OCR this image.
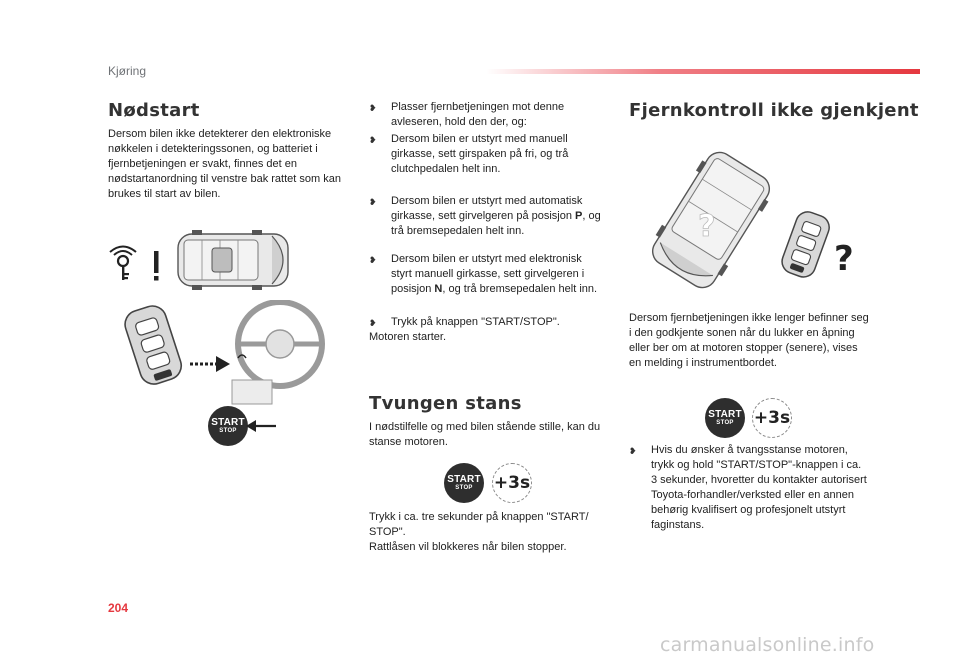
Kjøring
Nødstart

Dersom bilen ikke detekterer den elektroniske nøkkelen i detekteringssonen, og batteriet i fjernbetjeningen er svakt, finnes det en nødstartanordning til venstre bak rattet som kan brukes til start av bilen.

START
STOP
❥	Plasser fjernbetjeningen mot denne avleseren, hold den der, og:
❥	Dersom bilen er utstyrt med manuell girkasse, sett girspaken på fri, og trå clutchpedalen helt inn.
❥	Dersom bilen er utstyrt med automatisk girkasse, sett girvelgeren på posisjon P, og trå bremsepedalen helt inn.
❥	Dersom bilen er utstyrt med elektronisk styrt manuell girkasse, sett girvelgeren i posisjon N, og trå bremsepedalen helt inn.
❥	Trykk på knappen "START/STOP".

Motoren starter.

Tvungen stans

I nødstilfelle og med bilen stående stille, kan du stanse motoren.

START
STOP +3s

Trykk i ca. tre sekunder på knappen "START/

STOP".

Rattlåsen vil blokkeres når bilen stopper.

Fjernkontroll ikke gjenkjent
?
?

Dersom fjernbetjeningen ikke lenger befinner seg i den godkjente sonen når du lukker en åpning eller ber om at motoren stopper (senere), vises en melding i instrumentbordet.

START
STOP +3s
❥	Hvis du ønsker å tvangsstanse motoren, trykk og hold "START/STOP"-knappen i ca. 3 sekunder, hvoretter du kontakter autorisert Toyota-forhandler/verksted eller en annen behørig kvalifisert og profesjonelt utstyrt faginstans.
204
carmanualsonline.info
